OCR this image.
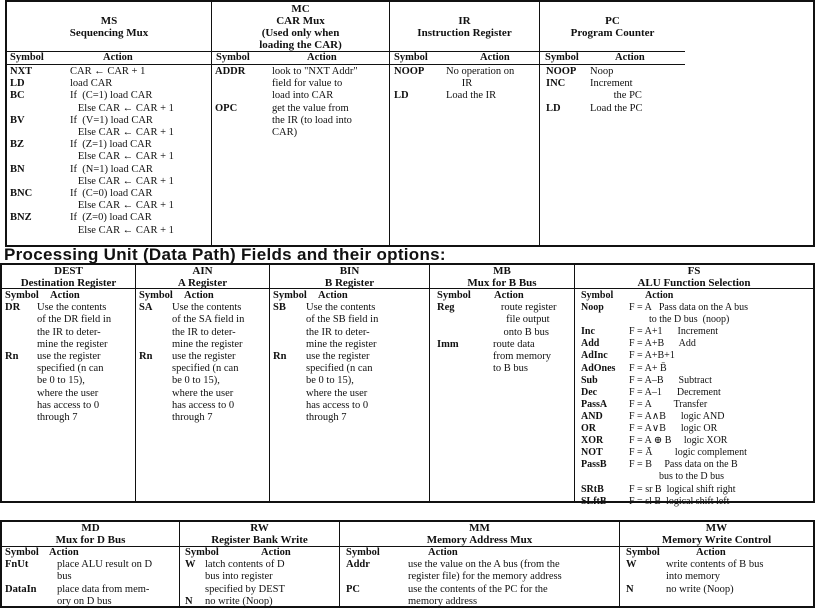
MS
Sequencing Mux
Symbol	Action
NXT	CAR ← CAR + 1
LD	load CAR
BC	If  (C=1) load CAR
Else CAR ← CAR + 1
BV	If  (V=1) load CAR
Else CAR ← CAR + 1
BZ	If  (Z=1) load CAR
Else CAR ← CAR + 1
BN	If  (N=1) load CAR
Else CAR ← CAR + 1
BNC	If  (C=0) load CAR
Else CAR ← CAR + 1
BNZ	If  (Z=0) load CAR
Else CAR ← CAR + 1
MC
CAR Mux
(Used only when
loading the CAR)
Symbol	Action
ADDR	look to "NXT Addr"
field for value to
load into CAR
OPC	get the value from
the IR (to load into
CAR)
IR
Instruction Register
Symbol	Action
NOOP	No operation on
IR
LD	Load the IR
PC
Program Counter
Symbol	Action
NOOP	Noop
INC	Increment
the PC
LD	Load the PC
Processing Unit (Data Path) Fields and their options:
DEST
Destination Register
Symbol	Action
DR	Use the contents
of the DR field in
the IR to deter-
mine the register
Rn	use the register
specified (n can
be 0 to 15),
where the user
has access to 0
through 7
AIN
A Register
Symbol	Action
SA	Use the contents
of the SA field in
the IR to deter-
mine the register
Rn	use the register
specified (n can
be 0 to 15),
where the user
has access to 0
through 7
BIN
B Register
Symbol	Action
SB	Use the contents
of the SB field in
the IR to deter-
mine the register
Rn	use the register
specified (n can
be 0 to 15),
where the user
has access to 0
through 7
MB
Mux for B Bus
Symbol	Action
Reg	route register
file output
onto B bus
Imm	route data
from memory
to B bus
FS
ALU Function Selection
Symbol	Action
Noop	F = A   Pass data on the A bus
to the D bus  (noop)
Inc	F = A+1      Increment
Add	F = A+B      Add
AdInc	F = A+B+1
AdOnes	F = A+ B̄
Sub	F = A–B      Subtract
Dec	F = A–1      Decrement
PassA	F = A         Transfer
AND	F = A∧B      logic AND
OR	F = A∨B      logic OR
XOR	F = A ⊕ B     logic XOR
NOT	F = Ā         logic complement
PassB	F = B     Pass data on the B
bus to the D bus
SRtB	F = sr B  logical shift right
SLftB	F = sl B  logical shift left
MD
Mux for D Bus
Symbol Action
FnUt	place ALU result on D
bus
DataIn	place data from mem-
ory on D bus
RW
Register Bank Write
Symbol	Action
W latch contents of D
bus into register
specified by DEST
N	no write (Noop)
MM
Memory Address Mux
Symbol	Action
Addr	use the value on the A bus (from the
register file) for the memory address
PC	use the contents of the PC for the
memory address
MW
Memory Write Control
Symbol	Action
W	write contents of B bus
into memory
N	no write (Noop)
